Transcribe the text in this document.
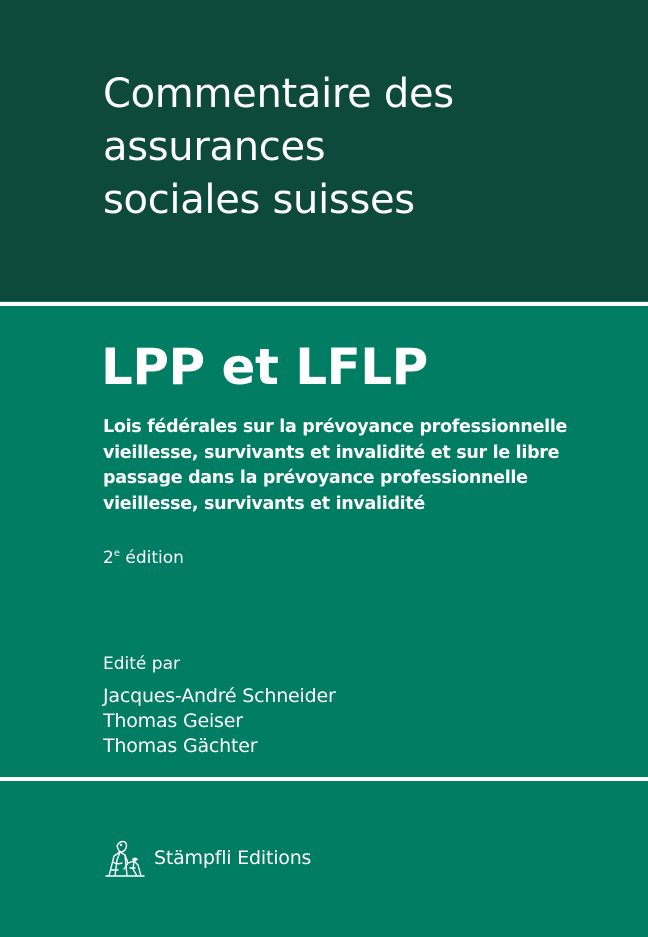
Commentaire des
assurances
sociales suisses
LPP et LFLP

Lois fédérales sur la prévoyance professionnelle
vieillesse, survivants et invalidité et sur le libre
passage dans la prévoyance professionnelle
vieillesse, survivants et invalidité

2e édition
Edité par
Jacques-André Schneider
Thomas Geiser
Thomas Gächter
Stämpfli Editions
